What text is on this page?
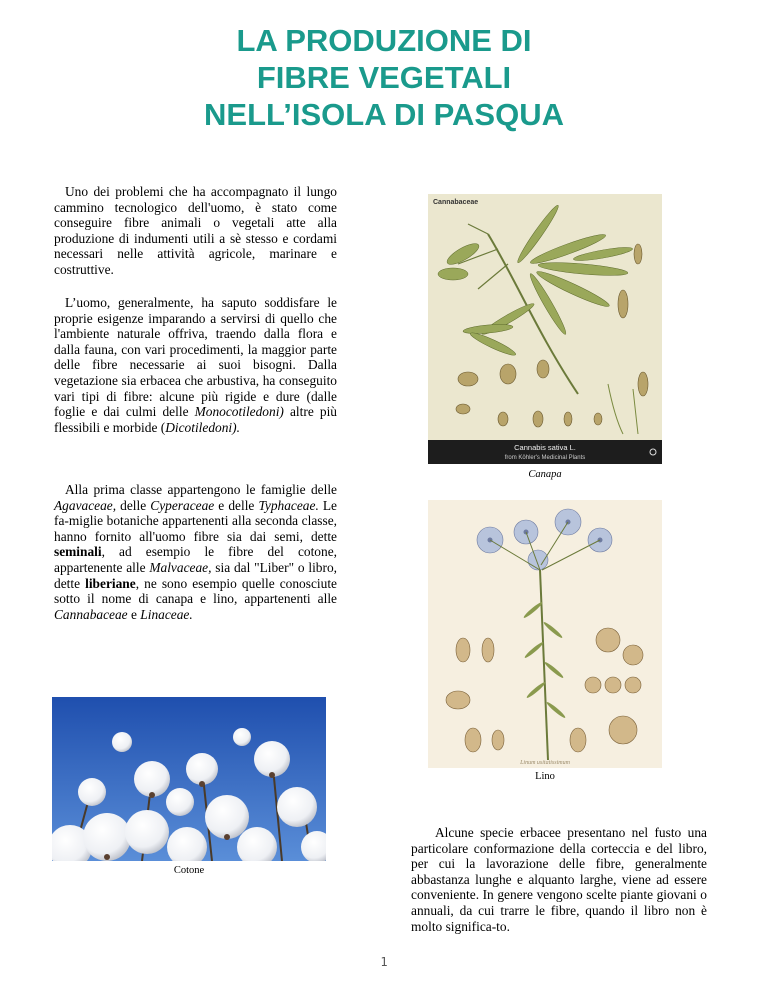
LA PRODUZIONE DI
FIBRE VEGETALI
NELL’ISOLA DI PASQUA

Uno dei problemi che ha accompagnato il lungo cammino tecnologico dell'uomo, è stato come conseguire fibre animali o vegetali atte alla produzione di indumenti utili a sè stesso e cordami necessari nelle attività agricole, marinare e costruttive.

L’uomo, generalmente, ha saputo soddisfare le proprie esigenze imparando a servirsi di quello che l'ambiente naturale offriva, traendo dalla flora e dalla fauna, con vari procedimenti, la maggior parte delle fibre necessarie ai suoi bisogni. Dalla vegetazione sia erbacea che arbustiva, ha conseguito vari tipi di fibre: alcune più rigide e dure (dalle foglie e dai culmi delle Monocotiledoni) altre più flessibili e morbide (Dicotiledoni).

Alla prima classe appartengono le famiglie delle Agavaceae, delle Cyperaceae e delle Typhaceae. Le fa-miglie botaniche appartenenti alla seconda classe, hanno fornito all'uomo fibre sia dai semi, dette seminali, ad esempio le fibre del cotone, appartenente alle Malvaceae, sia dal "Liber" o libro, dette liberiane, ne sono esempio quelle conosciute sotto il nome di canapa e lino, appartenenti alle Cannabaceae e Linaceae.

Cannabaceae
Cannabis sativa L.
from Köhler's Medicinal Plants
Canapa
Linum usitatissimum
Lino
Cotone

Alcune specie erbacee presentano nel fusto una particolare conformazione della corteccia e del libro, per cui la lavorazione delle fibre, generalmente abbastanza lunghe e alquanto larghe, viene ad essere conveniente. In genere vengono scelte piante giovani o annuali, da cui trarre le fibre, quando il libro non è molto significa-to.

1
